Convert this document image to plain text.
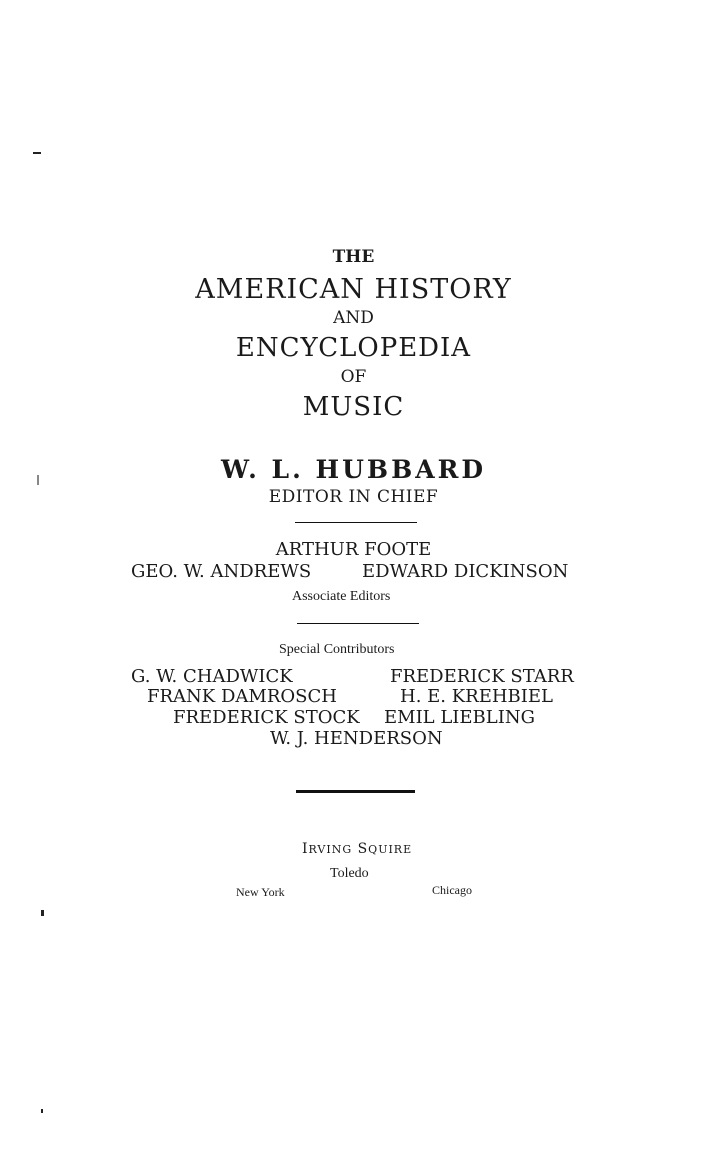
THE
AMERICAN HISTORY
AND
ENCYCLOPEDIA
OF
MUSIC
W. L. HUBBARD
EDITOR IN CHIEF
ARTHUR FOOTE
GEO. W. ANDREWS	EDWARD DICKINSON
Associate Editors
Special Contributors
G. W. CHADWICK	FREDERICK STARR
FRANK DAMROSCH	H. E. KREHBIEL
FREDERICK STOCK EMIL LIEBLING
W. J. HENDERSON
IRVING SQUIRE
Toledo
New York	Chicago
